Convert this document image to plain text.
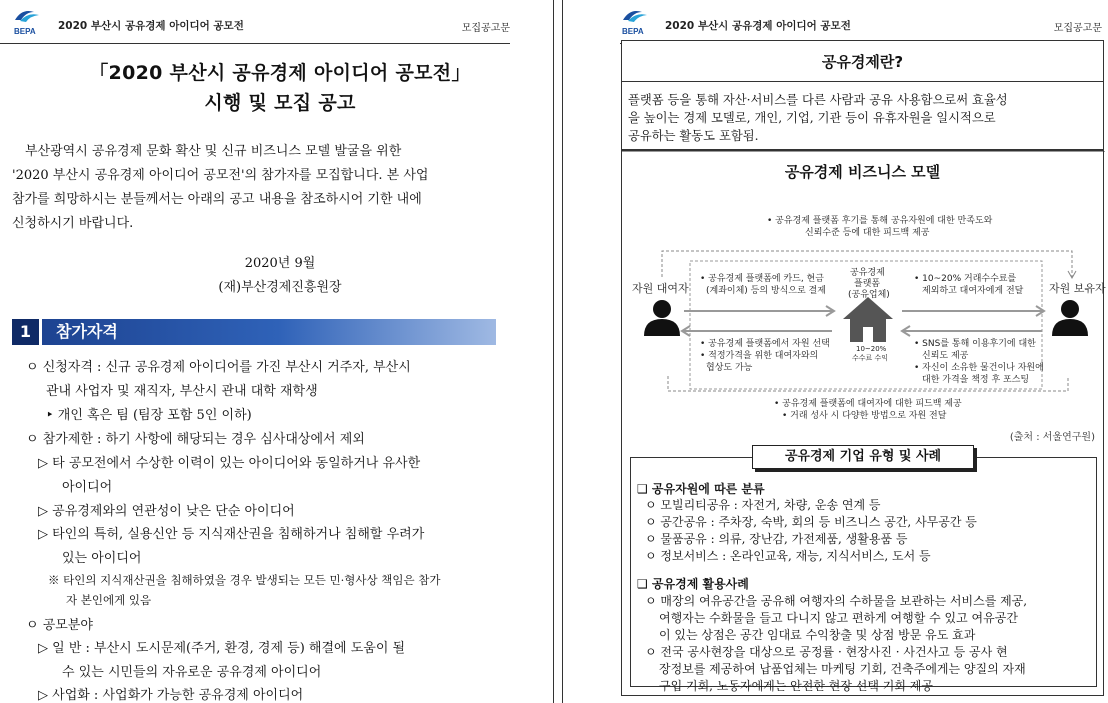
BEPA 2020 부산시 공유경제 아이디어 공모전	모집공고문
「2020 부산시 공유경제 아이디어 공모전」
시행 및 모집 공고
부산광역시 공유경제 문화 확산 및 신규 비즈니스 모델 발굴을 위한
'2020 부산시 공유경제 아이디어 공모전'의 참가자를 모집합니다. 본 사업
참가를 희망하시는 분들께서는 아래의 공고 내용을 참조하시어 기한 내에
신청하시기 바랍니다.
2020년 9월
(재)부산경제진흥원장
1	참가자격
ㅇ 신청자격 : 신규 공유경제 아이디어를 가진 부산시 거주자, 부산시
관내 사업자 및 재직자, 부산시 관내 대학 재학생
‣ 개인 혹은 팀 (팀장 포함 5인 이하)
ㅇ 참가제한 : 하기 사항에 해당되는 경우 심사대상에서 제외
▷ 타 공모전에서 수상한 이력이 있는 아이디어와 동일하거나 유사한
아이디어
▷ 공유경제와의 연관성이 낮은 단순 아이디어
▷ 타인의 특허, 실용신안 등 지식재산권을 침해하거나 침해할 우려가
있는 아이디어
※ 타인의 지식재산권을 침해하였을 경우 발생되는 모든 민·형사상 책임은 참가
자 본인에게 있음
ㅇ 공모분야
▷ 일 반 : 부산시 도시문제(주거, 환경, 경제 등) 해결에 도움이 될
수 있는 시민들의 자유로운 공유경제 아이디어
▷ 사업화 : 사업화가 가능한 공유경제 아이디어
BEPA 2020 부산시 공유경제 아이디어 공모전	모집공고문
공유경제란?
플랫폼 등을 통해 자산·서비스를 다른 사람과 공유 사용함으로써 효율성
을 높이는 경제 모델로, 개인, 기업, 기관 등이 유휴자원을 일시적으로
공유하는 활동도 포함됨.
공유경제 비즈니스 모델
• 공유경제 플랫폼 후기를 통해 공유자원에 대한 만족도와
신뢰수준 등에 대한 피드백 제공
자원 대여자	자원 보유자
공유경제
플랫폼
(공유업체)
10~20%
수수료 수익
• 공유경제 플랫폼에 카드, 현금
(계좌이체) 등의 방식으로 결제
• 10~20% 거래수수료를
제외하고 대여자에게 전달
• 공유경제 플랫폼에서 자원 선택
• 적정가격을 위한 대여자와의
협상도 가능
• SNS를 통해 이용후기에 대한
신뢰도 제공
• 자신이 소유한 물건이나 자원에
대한 가격을 책정 후 포스팅
• 공유경제 플랫폼에 대여자에 대한 피드백 제공
• 거래 성사 시 다양한 방법으로 자원 전달
(출처 : 서울연구원)
❑ 공유자원에 따른 분류
ㅇ 모빌리티공유 : 자전거, 차량, 운송 연계 등
ㅇ 공간공유 : 주차장, 숙박, 회의 등 비즈니스 공간, 사무공간 등
ㅇ 물품공유 : 의류, 장난감, 가전제품, 생활용품 등
ㅇ 정보서비스 : 온라인교육, 재능, 지식서비스, 도서 등
❑ 공유경제 활용사례
ㅇ 매장의 여유공간을 공유해 여행자의 수하물을 보관하는 서비스를 제공,
여행자는 수화물을 들고 다니지 않고 편하게 여행할 수 있고 여유공간
이 있는 상점은 공간 임대료 수익창출 및 상점 방문 유도 효과
ㅇ 전국 공사현장을 대상으로 공정률 · 현장사진 · 사건사고 등 공사 현
장정보를 제공하여 납품업체는 마케팅 기회, 건축주에게는 양질의 자재
구입 기회, 노동자에게는 안전한 현장 선택 기회 제공
공유경제 기업 유형 및 사례
